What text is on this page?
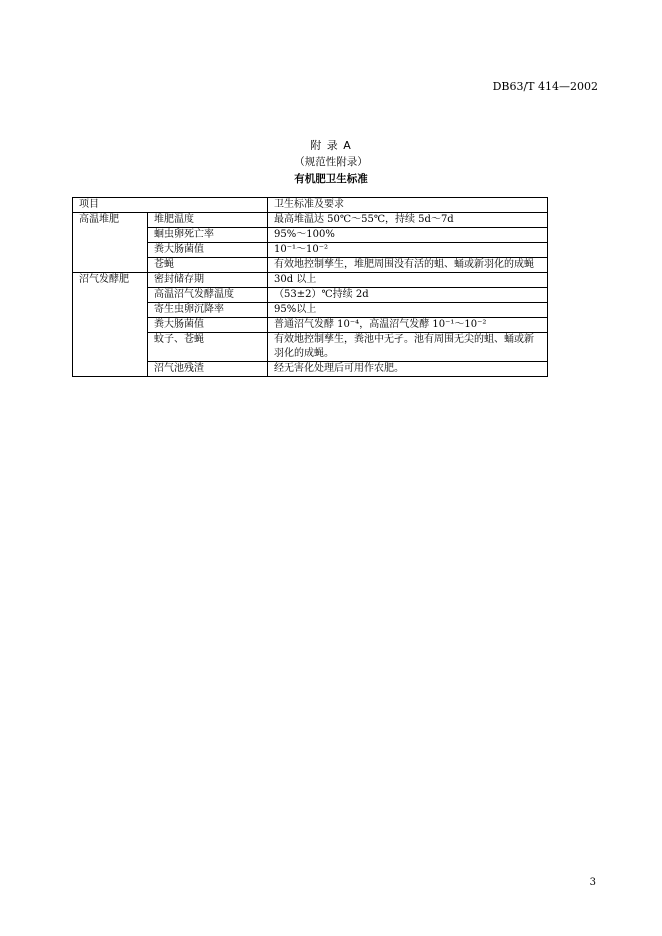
DB63/T 414—2002
附 录 A
（规范性附录）
有机肥卫生标准
项目		卫生标准及要求
高温堆肥	堆肥温度	最高堆温达 50℃～55℃，持续 5d～7d
	蛔虫卵死亡率	95%～100%
	粪大肠菌值	10⁻¹～10⁻²
	苍蝇	有效地控制孳生，堆肥周围没有活的蛆、蛹或新羽化的成蝇
沼气发酵肥	密封储存期	30d 以上
	高温沼气发酵温度	（53±2）℃持续 2d
	寄生虫卵沉降率	95%以上
	粪大肠菌值	普通沼气发酵 10⁻⁴，高温沼气发酵 10⁻¹～10⁻²
	蚊子、苍蝇	有效地控制孳生，粪池中无孑。池有周围无尖的蛆、蛹或新羽化的成蝇。
	沼气池残渣	经无害化处理后可用作农肥。
3
